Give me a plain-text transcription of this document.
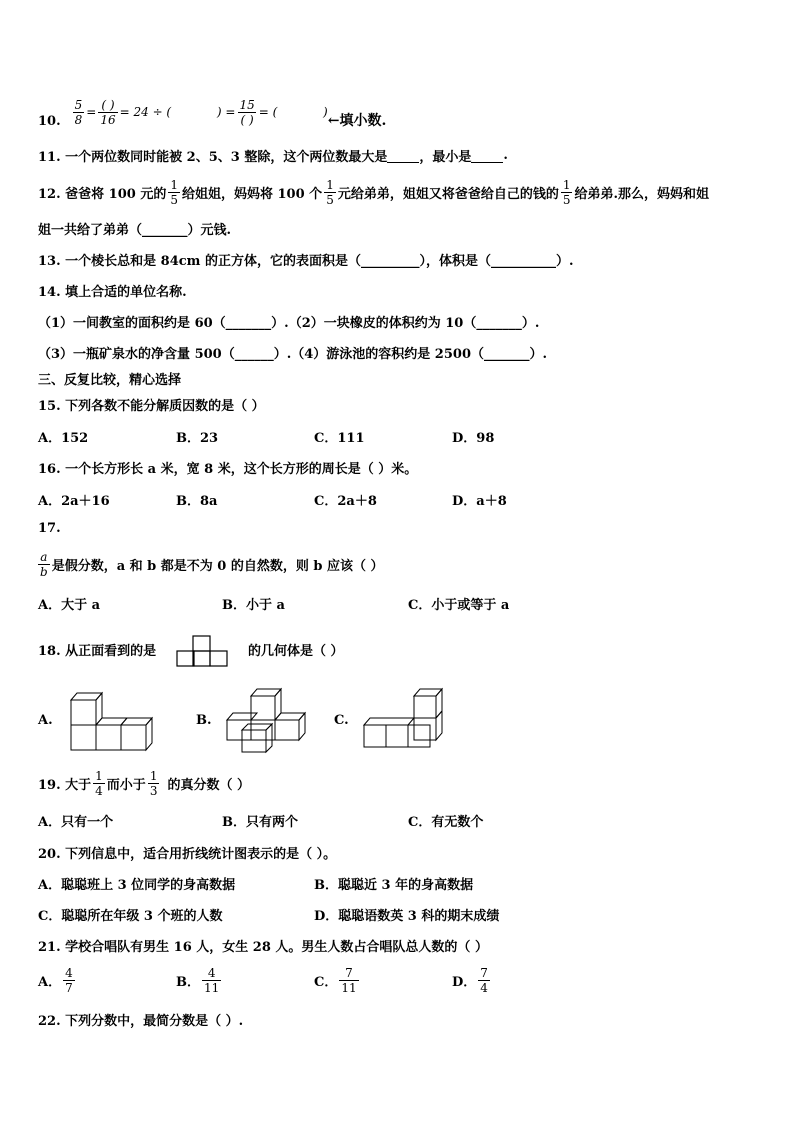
10. $\frac{5}{8} = \frac{( )}{16} = 24$ ÷ (            ) = $\frac{15}{( )}$ = (            )
←填小数.
11. 一个两位数同时能被 2、5、3 整除，这个两位数最大是 ，最小是 .
12. 爸爸将 100 元的 $\frac{1}{5}$ 给姐姐，妈妈将 100 个 $\frac{1}{5}$ 元给弟弟，姐姐又将爸爸给自己的钱的 $\frac{1}{5}$ 给弟弟.那么，妈妈和姐
姐一共给了弟弟（_______）元钱.
13. 一个棱长总和是 84cm 的正方体，它的表面积是（_________），体积是（__________）.
14. 填上合适的单位名称.
（1）一间教室的面积约是 60（_______）.（2）一块橡皮的体积约为 10（_______）.
（3）一瓶矿泉水的净含量 500（______）.（4）游泳池的容积约是 2500（_______）.
三、反复比较，精心选择
15. 下列各数不能分解质因数的是（ ）
A．152	B．23	C．111	D．98
16. 一个长方形长 a 米，宽 8 米，这个长方形的周长是（ ）米。
A．2a＋16	B．8a	C．2a＋8	D．a＋8
17.
$\frac{a}{b}$ 是假分数，a 和 b 都是不为 0 的自然数，则 b 应该（ ）
A．大于 a	B．小于 a	C．小于或等于 a
18. 从正面看到的是	的几何体是（ ）
A.	B.	C.
19. 大于 $\frac{1}{4}$ 而小于 $\frac{1}{3}$ 的真分数（ ）
A．只有一个	B．只有两个	C．有无数个
20. 下列信息中，适合用折线统计图表示的是（ ）。
A．聪聪班上 3 位同学的身高数据	B．聪聪近 3 年的身高数据
C．聪聪所在年级 3 个班的人数	D．聪聪语数英 3 科的期末成绩
21. 学校合唱队有男生 16 人，女生 28 人。男生人数占合唱队总人数的（ ）
A． $\frac{4}{7}$	B． $\frac{4}{11}$	C． $\frac{7}{11}$	D． $\frac{7}{4}$
22. 下列分数中，最简分数是（ ）.
